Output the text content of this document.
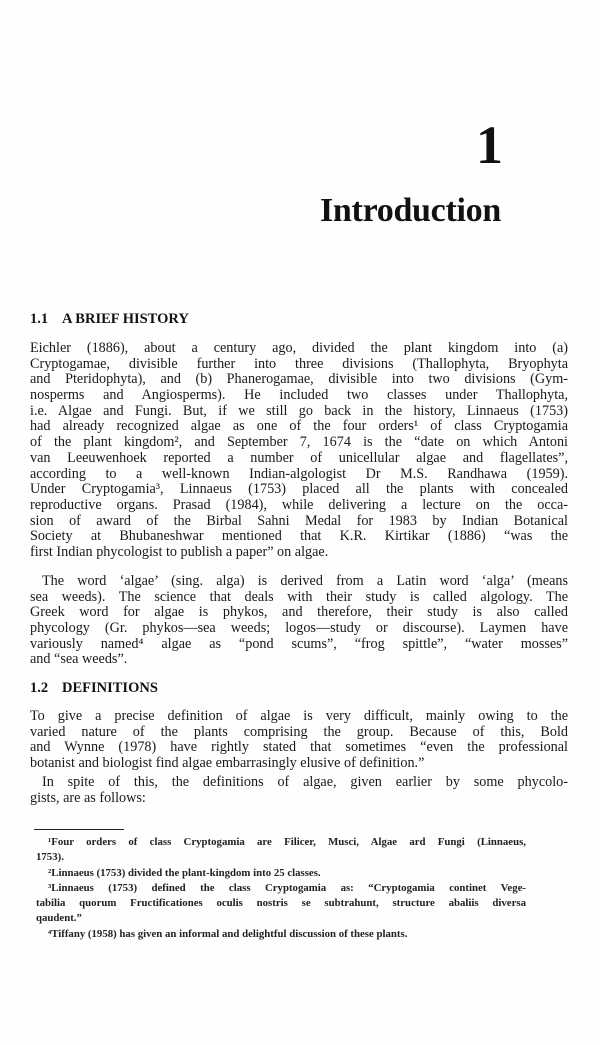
1
Introduction
1.1 A BRIEF HISTORY
Eichler (1886), about a century ago, divided the plant kingdom into (a)
Cryptogamae, divisible further into three divisions (Thallophyta, Bryophyta
and Pteridophyta), and (b) Phanerogamae, divisible into two divisions (Gym-
nosperms and Angiosperms). He included two classes under Thallophyta,
i.e. Algae and Fungi. But, if we still go back in the history, Linnaeus (1753)
had already recognized algae as one of the four orders¹ of class Cryptogamia
of the plant kingdom², and September 7, 1674 is the “date on which Antoni
van Leeuwenhoek reported a number of unicellular algae and flagellates”,
according to a well-known Indian-algologist Dr M.S. Randhawa (1959).
Under Cryptogamia³, Linnaeus (1753) placed all the plants with concealed
reproductive organs. Prasad (1984), while delivering a lecture on the occa-
sion of award of the Birbal Sahni Medal for 1983 by Indian Botanical
Society at Bhubaneshwar mentioned that K.R. Kirtikar (1886) “was the
first Indian phycologist to publish a paper” on algae.
The word ‘algae’ (sing. alga) is derived from a Latin word ‘alga’ (means
sea weeds). The science that deals with their study is called algology. The
Greek word for algae is phykos, and therefore, their study is also called
phycology (Gr. phykos—sea weeds; logos—study or discourse). Laymen have
variously named⁴ algae as “pond scums”, “frog spittle”, “water mosses”
and “sea weeds”.
1.2 DEFINITIONS
To give a precise definition of algae is very difficult, mainly owing to the
varied nature of the plants comprising the group. Because of this, Bold
and Wynne (1978) have rightly stated that sometimes “even the professional
botanist and biologist find algae embarrasingly elusive of definition.”
In spite of this, the definitions of algae, given earlier by some phycolo-
gists, are as follows:
¹Four orders of class Cryptogamia are Filicer, Musci, Algae ard Fungi (Linnaeus,
1753).
²Linnaeus (1753) divided the plant-kingdom into 25 classes.
³Linnaeus (1753) defined the class Cryptogamia as: “Cryptogamia continet Vege-
tabilia quorum Fructificationes oculis nostris se subtrahunt, structure abaliis diversa
qaudent.”
⁴Tiffany (1958) has given an informal and delightful discussion of these plants.
